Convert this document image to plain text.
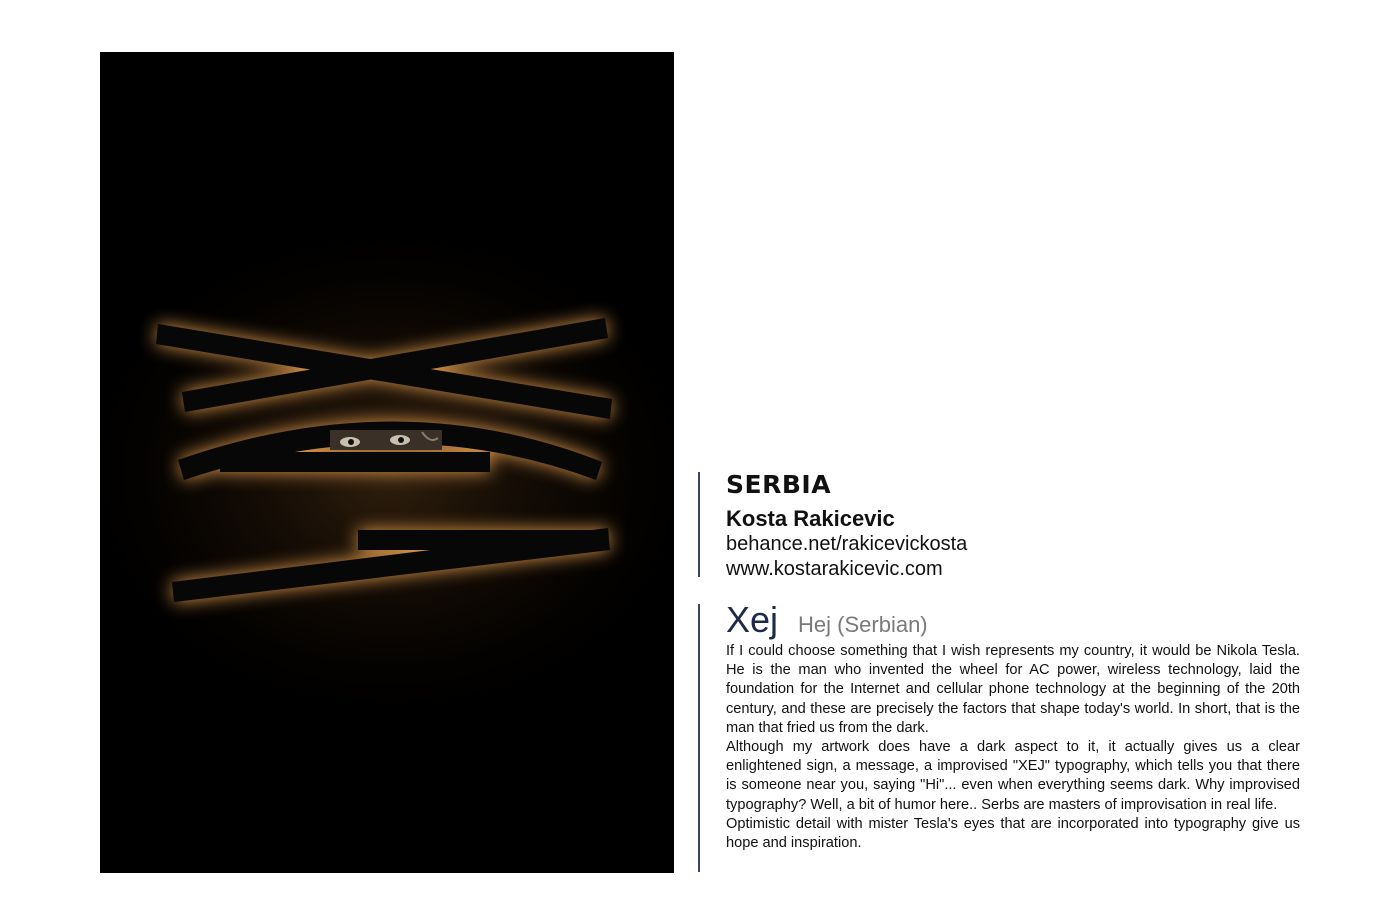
SERBIA
Kosta Rakicevic
behance.net/rakicevickosta
www.kostarakicevic.com
Xej Hej (Serbian)

If I could choose something that I wish represents my country, it would be Nikola Tesla. He is the man who invented the wheel for AC power, wireless technology, laid the foundation for the Internet and cellular phone technology at the beginning of the 20th century, and these are precisely the factors that shape today's world. In short, that is the man that fried us from the dark.

Although my artwork does have a dark aspect to it, it actually gives us a clear enlightened sign, a message, a improvised "XEJ" typography, which tells you that there is someone near you, saying "Hi"... even when everything seems dark. Why improvised typography? Well, a bit of humor here.. Serbs are masters of improvisation in real life.

Optimistic detail with mister Tesla's eyes that are incorporated into typography give us hope and inspiration.
